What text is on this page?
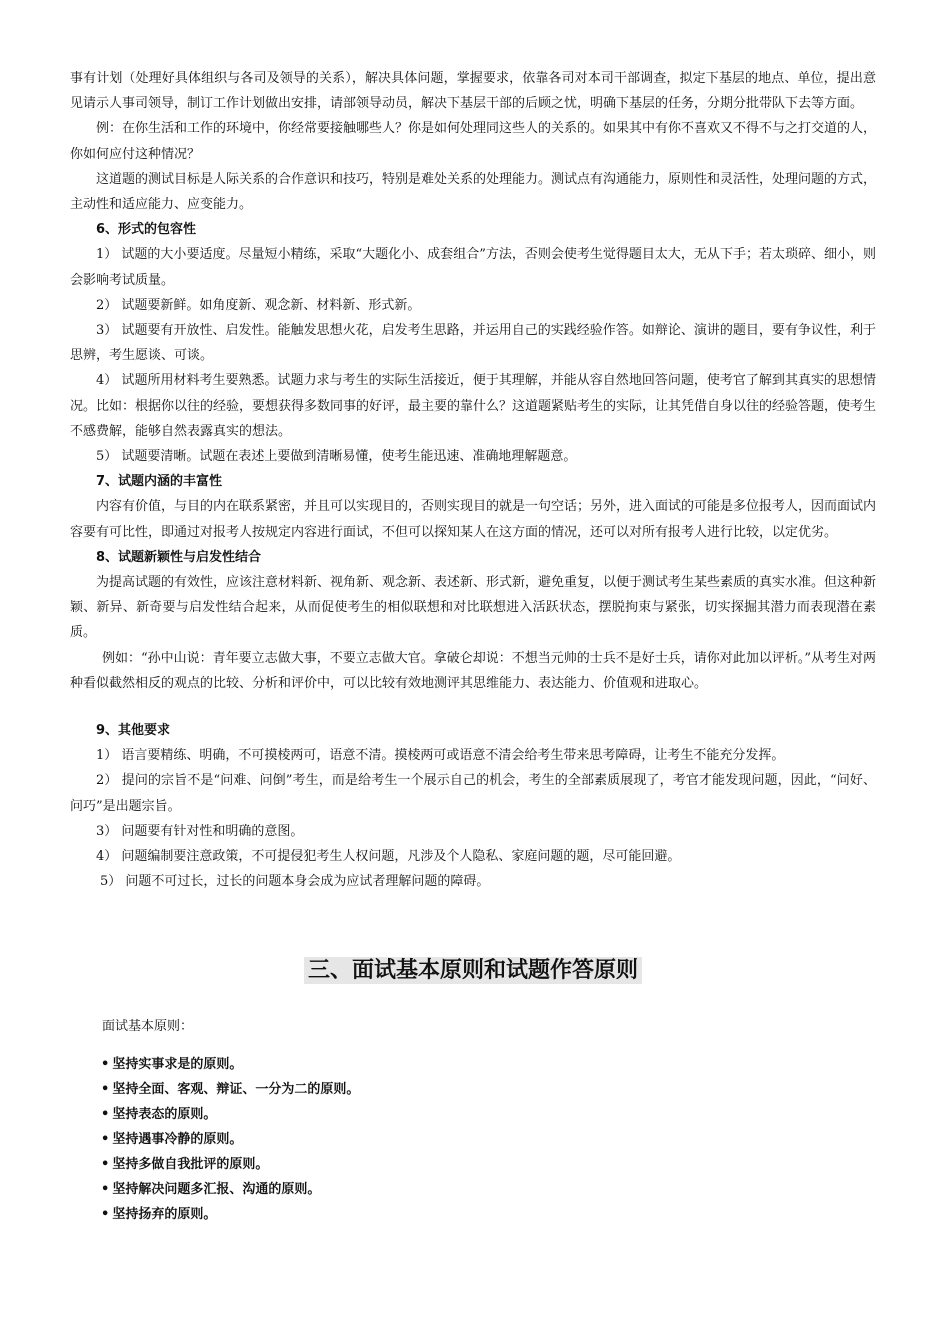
事有计划（处理好具体组织与各司及领导的关系），解决具体问题，掌握要求，依靠各司对本司干部调查，拟定下基层的地点、单位，提出意见请示人事司领导，制订工作计划做出安排，请部领导动员，解决下基层干部的后顾之忧，明确下基层的任务，分期分批带队下去等方面。

例：在你生活和工作的环境中，你经常要接触哪些人？你是如何处理同这些人的关系的。如果其中有你不喜欢又不得不与之打交道的人，你如何应付这种情况？

这道题的测试目标是人际关系的合作意识和技巧，特别是难处关系的处理能力。测试点有沟通能力，原则性和灵活性，处理问题的方式，主动性和适应能力、应变能力。

6、形式的包容性

1） 试题的大小要适度。尽量短小精练，采取“大题化小、成套组合”方法，否则会使考生觉得题目太大，无从下手；若太琐碎、细小，则会影响考试质量。

2） 试题要新鲜。如角度新、观念新、材料新、形式新。

3） 试题要有开放性、启发性。能触发思想火花，启发考生思路，并运用自己的实践经验作答。如辩论、演讲的题目，要有争议性，利于思辨，考生愿谈、可谈。

4） 试题所用材料考生要熟悉。试题力求与考生的实际生活接近，便于其理解，并能从容自然地回答问题，使考官了解到其真实的思想情况。比如：根据你以往的经验，要想获得多数同事的好评，最主要的靠什么？这道题紧贴考生的实际，让其凭借自身以往的经验答题，使考生不感费解，能够自然表露真实的想法。

5） 试题要清晰。试题在表述上要做到清晰易懂，使考生能迅速、准确地理解题意。

7、试题内涵的丰富性

内容有价值，与目的内在联系紧密，并且可以实现目的，否则实现目的就是一句空话；另外，进入面试的可能是多位报考人，因而面试内容要有可比性，即通过对报考人按规定内容进行面试，不但可以探知某人在这方面的情况，还可以对所有报考人进行比较，以定优劣。

8、试题新颖性与启发性结合

为提高试题的有效性，应该注意材料新、视角新、观念新、表述新、形式新，避免重复，以便于测试考生某些素质的真实水准。但这种新颖、新异、新奇要与启发性结合起来，从而促使考生的相似联想和对比联想进入活跃状态，摆脱拘束与紧张，切实探掘其潜力而表现潜在素质。

例如：“孙中山说：青年要立志做大事，不要立志做大官。拿破仑却说：不想当元帅的士兵不是好士兵，请你对此加以评析。”从考生对两种看似截然相反的观点的比较、分析和评价中，可以比较有效地测评其思维能力、表达能力、价值观和进取心。

9、其他要求

1） 语言要精练、明确，不可摸棱两可，语意不清。摸棱两可或语意不清会给考生带来思考障碍，让考生不能充分发挥。

2） 提问的宗旨不是“问难、问倒”考生，而是给考生一个展示自己的机会，考生的全部素质展现了，考官才能发现问题，因此，“问好、问巧”是出题宗旨。

3） 问题要有针对性和明确的意图。

4） 问题编制要注意政策，不可提侵犯考生人权问题，凡涉及个人隐私、家庭问题的题，尽可能回避。

5） 问题不可过长，过长的问题本身会成为应试者理解问题的障碍。

三、面试基本原则和试题作答原则

面试基本原则：

• 坚持实事求是的原则。
• 坚持全面、客观、辩证、一分为二的原则。
• 坚持表态的原则。
• 坚持遇事冷静的原则。
• 坚持多做自我批评的原则。
• 坚持解决问题多汇报、沟通的原则。
• 坚持扬弃的原则。
